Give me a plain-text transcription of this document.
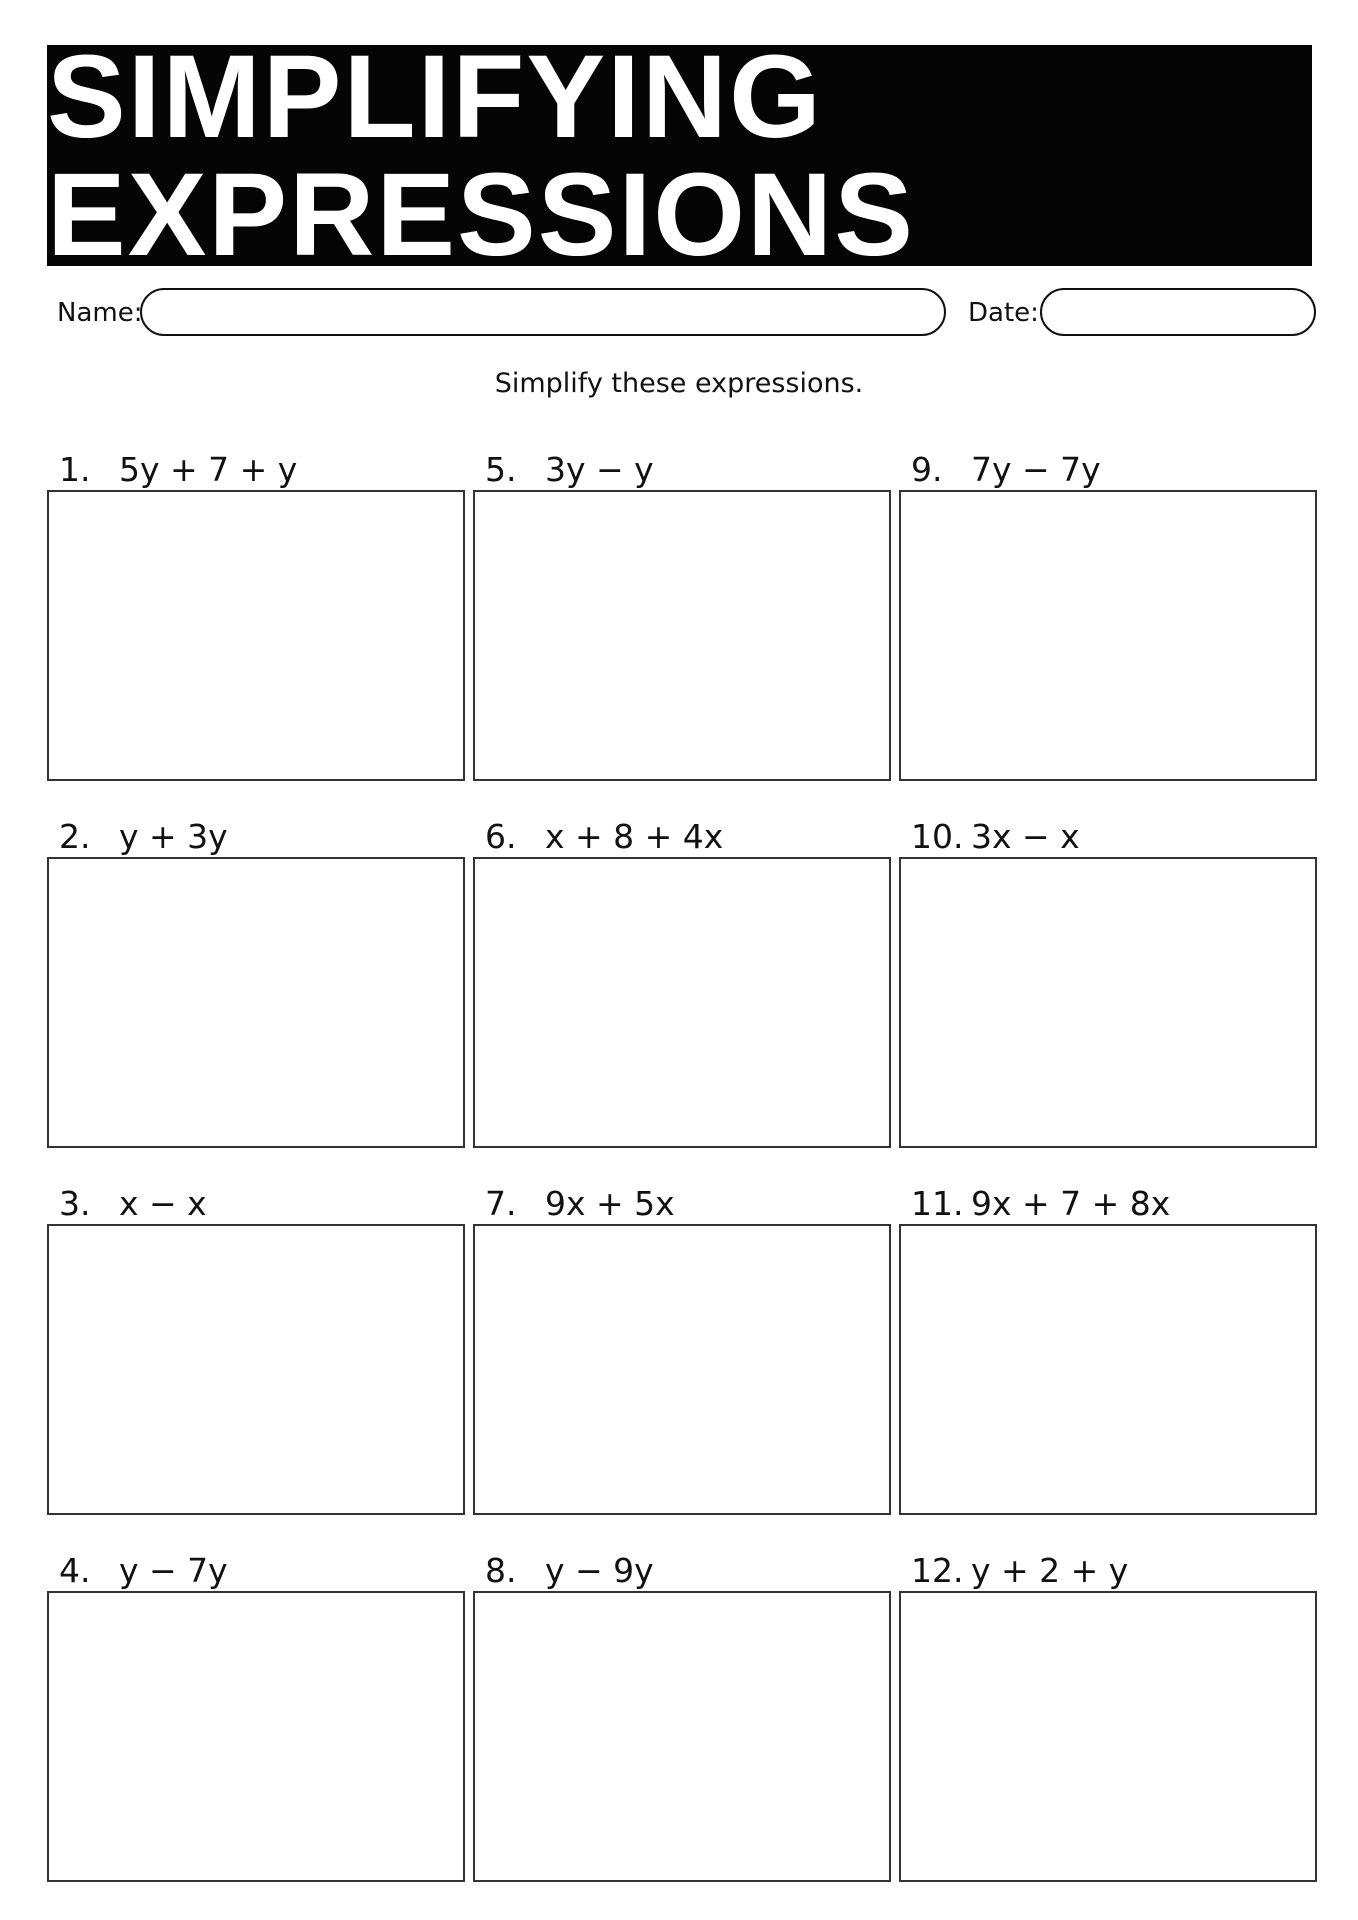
SIMPLIFYING EXPRESSIONS
Name:	Date:
Simplify these expressions.
1. 5y + 7 + y
2. y + 3y
3. x − x
4. y − 7y
5. 3y − y
6. x + 8 + 4x
7. 9x + 5x
8. y − 9y
9. 7y − 7y
10. 3x − x
11. 9x + 7 + 8x
12. y + 2 + y
